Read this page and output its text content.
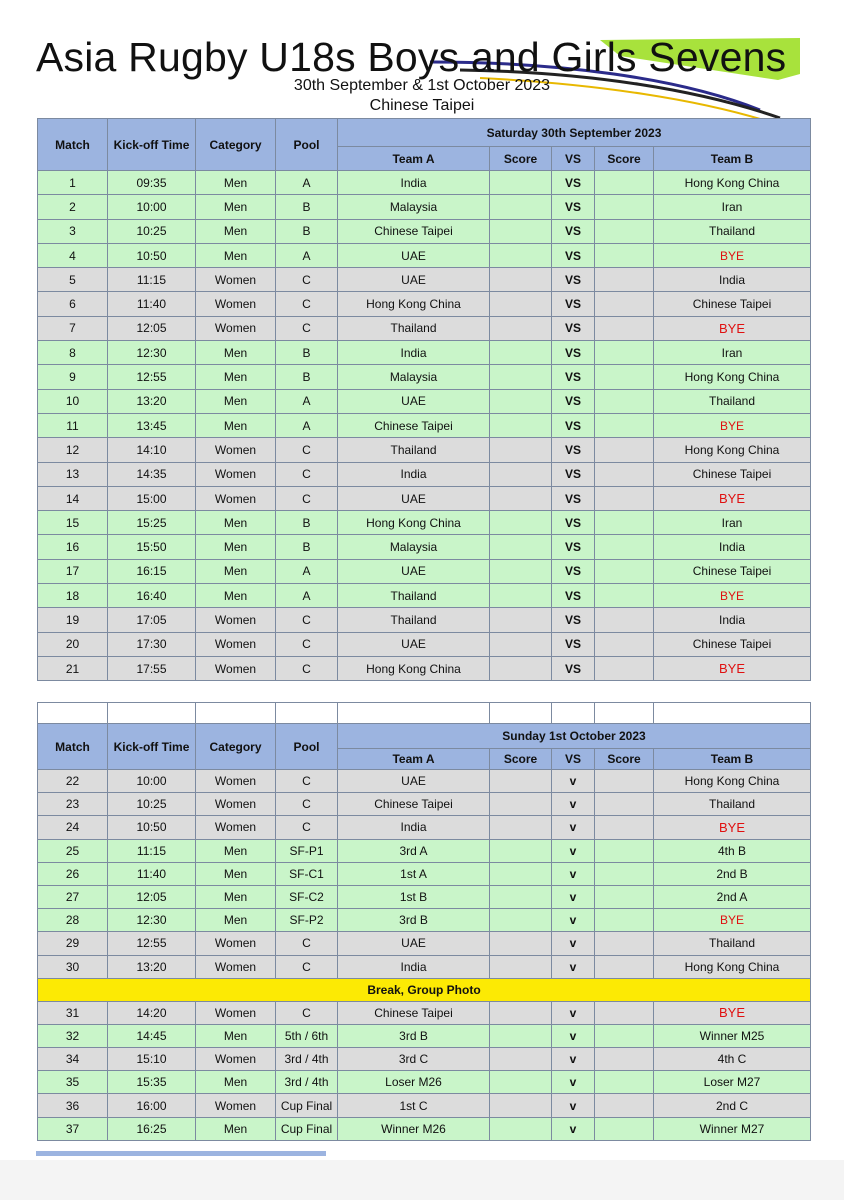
Asia Rugby U18s Boys and Girls Sevens
30th September & 1st October 2023
Chinese Taipei
Match	Kick-off Time	Category	Pool	Saturday 30th September 2023				
				Team A	Score	VS	Score	Team B
1	09:35	Men	A	India		VS		Hong Kong China
2	10:00	Men	B	Malaysia		VS		Iran
3	10:25	Men	B	Chinese Taipei		VS		Thailand
4	10:50	Men	A	UAE		VS		BYE
5	11:15	Women	C	UAE		VS		India
6	11:40	Women	C	Hong Kong China		VS		Chinese Taipei
7	12:05	Women	C	Thailand		VS		BYE
8	12:30	Men	B	India		VS		Iran
9	12:55	Men	B	Malaysia		VS		Hong Kong China
10	13:20	Men	A	UAE		VS		Thailand
11	13:45	Men	A	Chinese Taipei		VS		BYE
12	14:10	Women	C	Thailand		VS		Hong Kong China
13	14:35	Women	C	India		VS		Chinese Taipei
14	15:00	Women	C	UAE		VS		BYE
15	15:25	Men	B	Hong Kong China		VS		Iran
16	15:50	Men	B	Malaysia		VS		India
17	16:15	Men	A	UAE		VS		Chinese Taipei
18	16:40	Men	A	Thailand		VS		BYE
19	17:05	Women	C	Thailand		VS		India
20	17:30	Women	C	UAE		VS		Chinese Taipei
21	17:55	Women	C	Hong Kong China		VS		BYE

Match	Kick-off Time	Category	Pool	Sunday 1st October 2023				
				Team A	Score	VS	Score	Team B
22	10:00	Women	C	UAE		v		Hong Kong China
23	10:25	Women	C	Chinese Taipei		v		Thailand
24	10:50	Women	C	India		v		BYE
25	11:15	Men	SF-P1	3rd A		v		4th B
26	11:40	Men	SF-C1	1st A		v		2nd B
27	12:05	Men	SF-C2	1st B		v		2nd A
28	12:30	Men	SF-P2	3rd B		v		BYE
29	12:55	Women	C	UAE		v		Thailand
30	13:20	Women	C	India		v		Hong Kong China
Break, Group Photo								
31	14:20	Women	C	Chinese Taipei		v		BYE
32	14:45	Men	5th / 6th	3rd B		v		Winner M25
34	15:10	Women	3rd / 4th	3rd C		v		4th C
35	15:35	Men	3rd / 4th	Loser M26		v		Loser M27
36	16:00	Women	Cup Final	1st C		v		2nd C
37	16:25	Men	Cup Final	Winner M26		v		Winner M27
